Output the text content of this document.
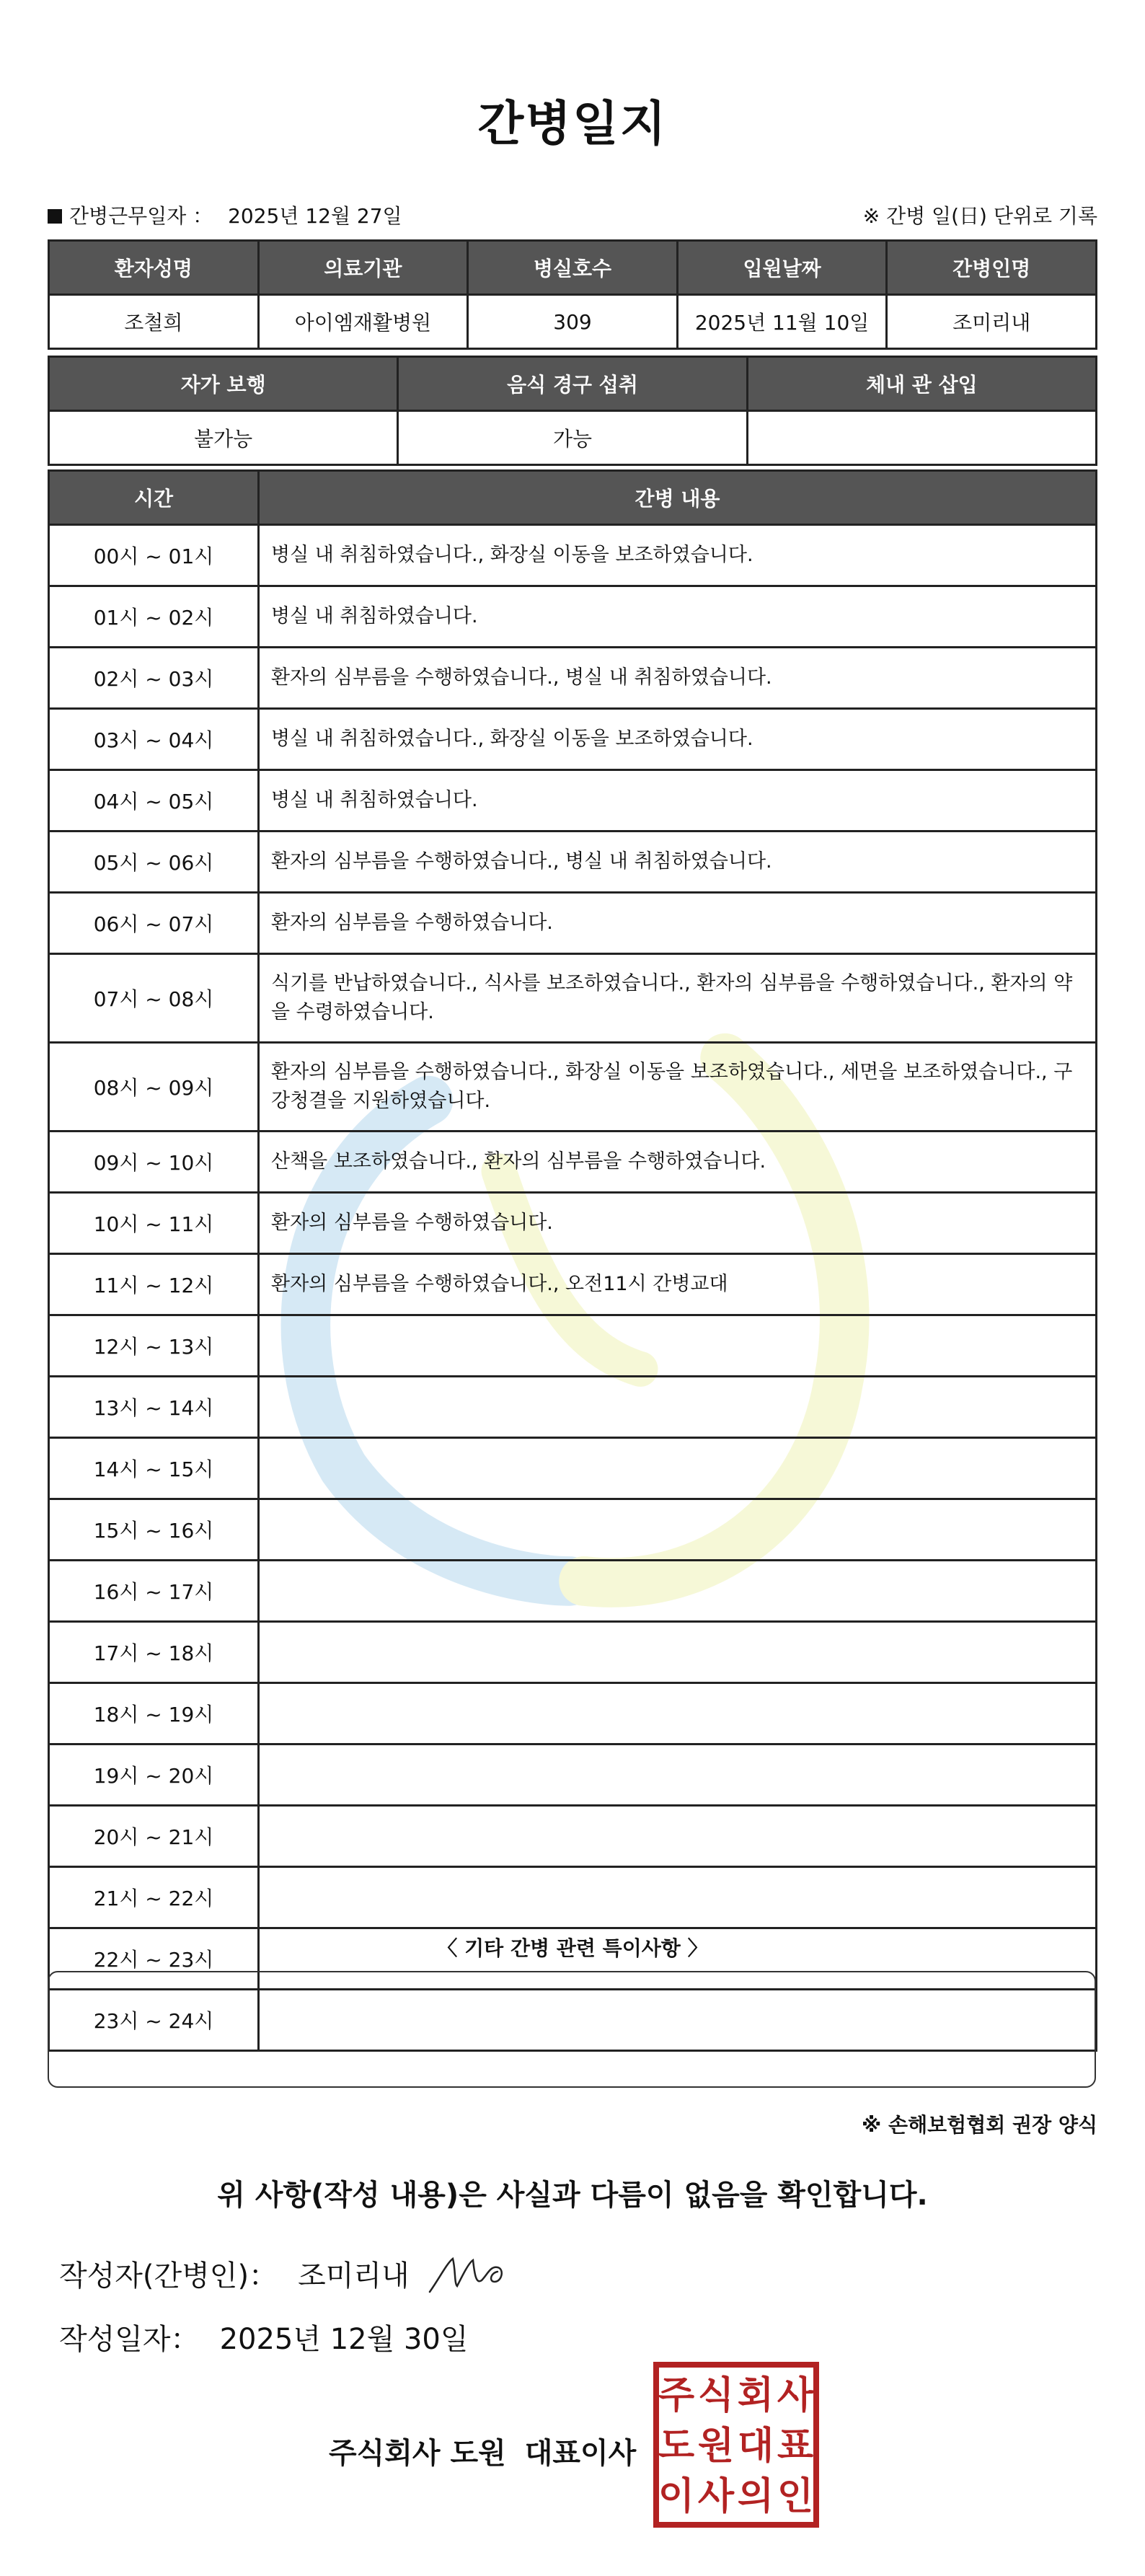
간병일지
간병근무일자 ： 2025년 12월 27일	※ 간병 일(日) 단위로 기록
환자성명	의료기관	병실호수	입원날짜	간병인명
조철희	아이엠재활병원	309	2025년 11월 10일	조미리내
자가 보행	음식 경구 섭취	체내 관 삽입
불가능	가능	
시간	간병 내용
00시 ~ 01시	병실 내 취침하였습니다., 화장실 이동을 보조하였습니다.
01시 ~ 02시	병실 내 취침하였습니다.
02시 ~ 03시	환자의 심부름을 수행하였습니다., 병실 내 취침하였습니다.
03시 ~ 04시	병실 내 취침하였습니다., 화장실 이동을 보조하였습니다.
04시 ~ 05시	병실 내 취침하였습니다.
05시 ~ 06시	환자의 심부름을 수행하였습니다., 병실 내 취침하였습니다.
06시 ~ 07시	환자의 심부름을 수행하였습니다.
07시 ~ 08시	식기를 반납하였습니다., 식사를 보조하였습니다., 환자의 심부름을 수행하였습니다., 환자의 약을 수령하였습니다.
08시 ~ 09시	환자의 심부름을 수행하였습니다., 화장실 이동을 보조하였습니다., 세면을 보조하였습니다., 구강청결을 지원하였습니다.
09시 ~ 10시	산책을 보조하였습니다., 환자의 심부름을 수행하였습니다.
10시 ~ 11시	환자의 심부름을 수행하였습니다.
11시 ~ 12시	환자의 심부름을 수행하였습니다., 오전11시 간병교대
12시 ~ 13시	
13시 ~ 14시	
14시 ~ 15시	
15시 ~ 16시	
16시 ~ 17시	
17시 ~ 18시	
18시 ~ 19시	
19시 ~ 20시	
20시 ~ 21시	
21시 ~ 22시	
22시 ~ 23시	
23시 ~ 24시	
〈 기타 간병 관련 특이사항 〉
※ 손해보험협회 권장 양식
위 사항(작성 내용)은 사실과 다름이 없음을 확인합니다.
작성자(간병인)： 조미리내
작성일자： 2025년 12월 30일
주식회사 도원 대표이사
주 식 회 사
도 원 대 표
이 사 의 인
